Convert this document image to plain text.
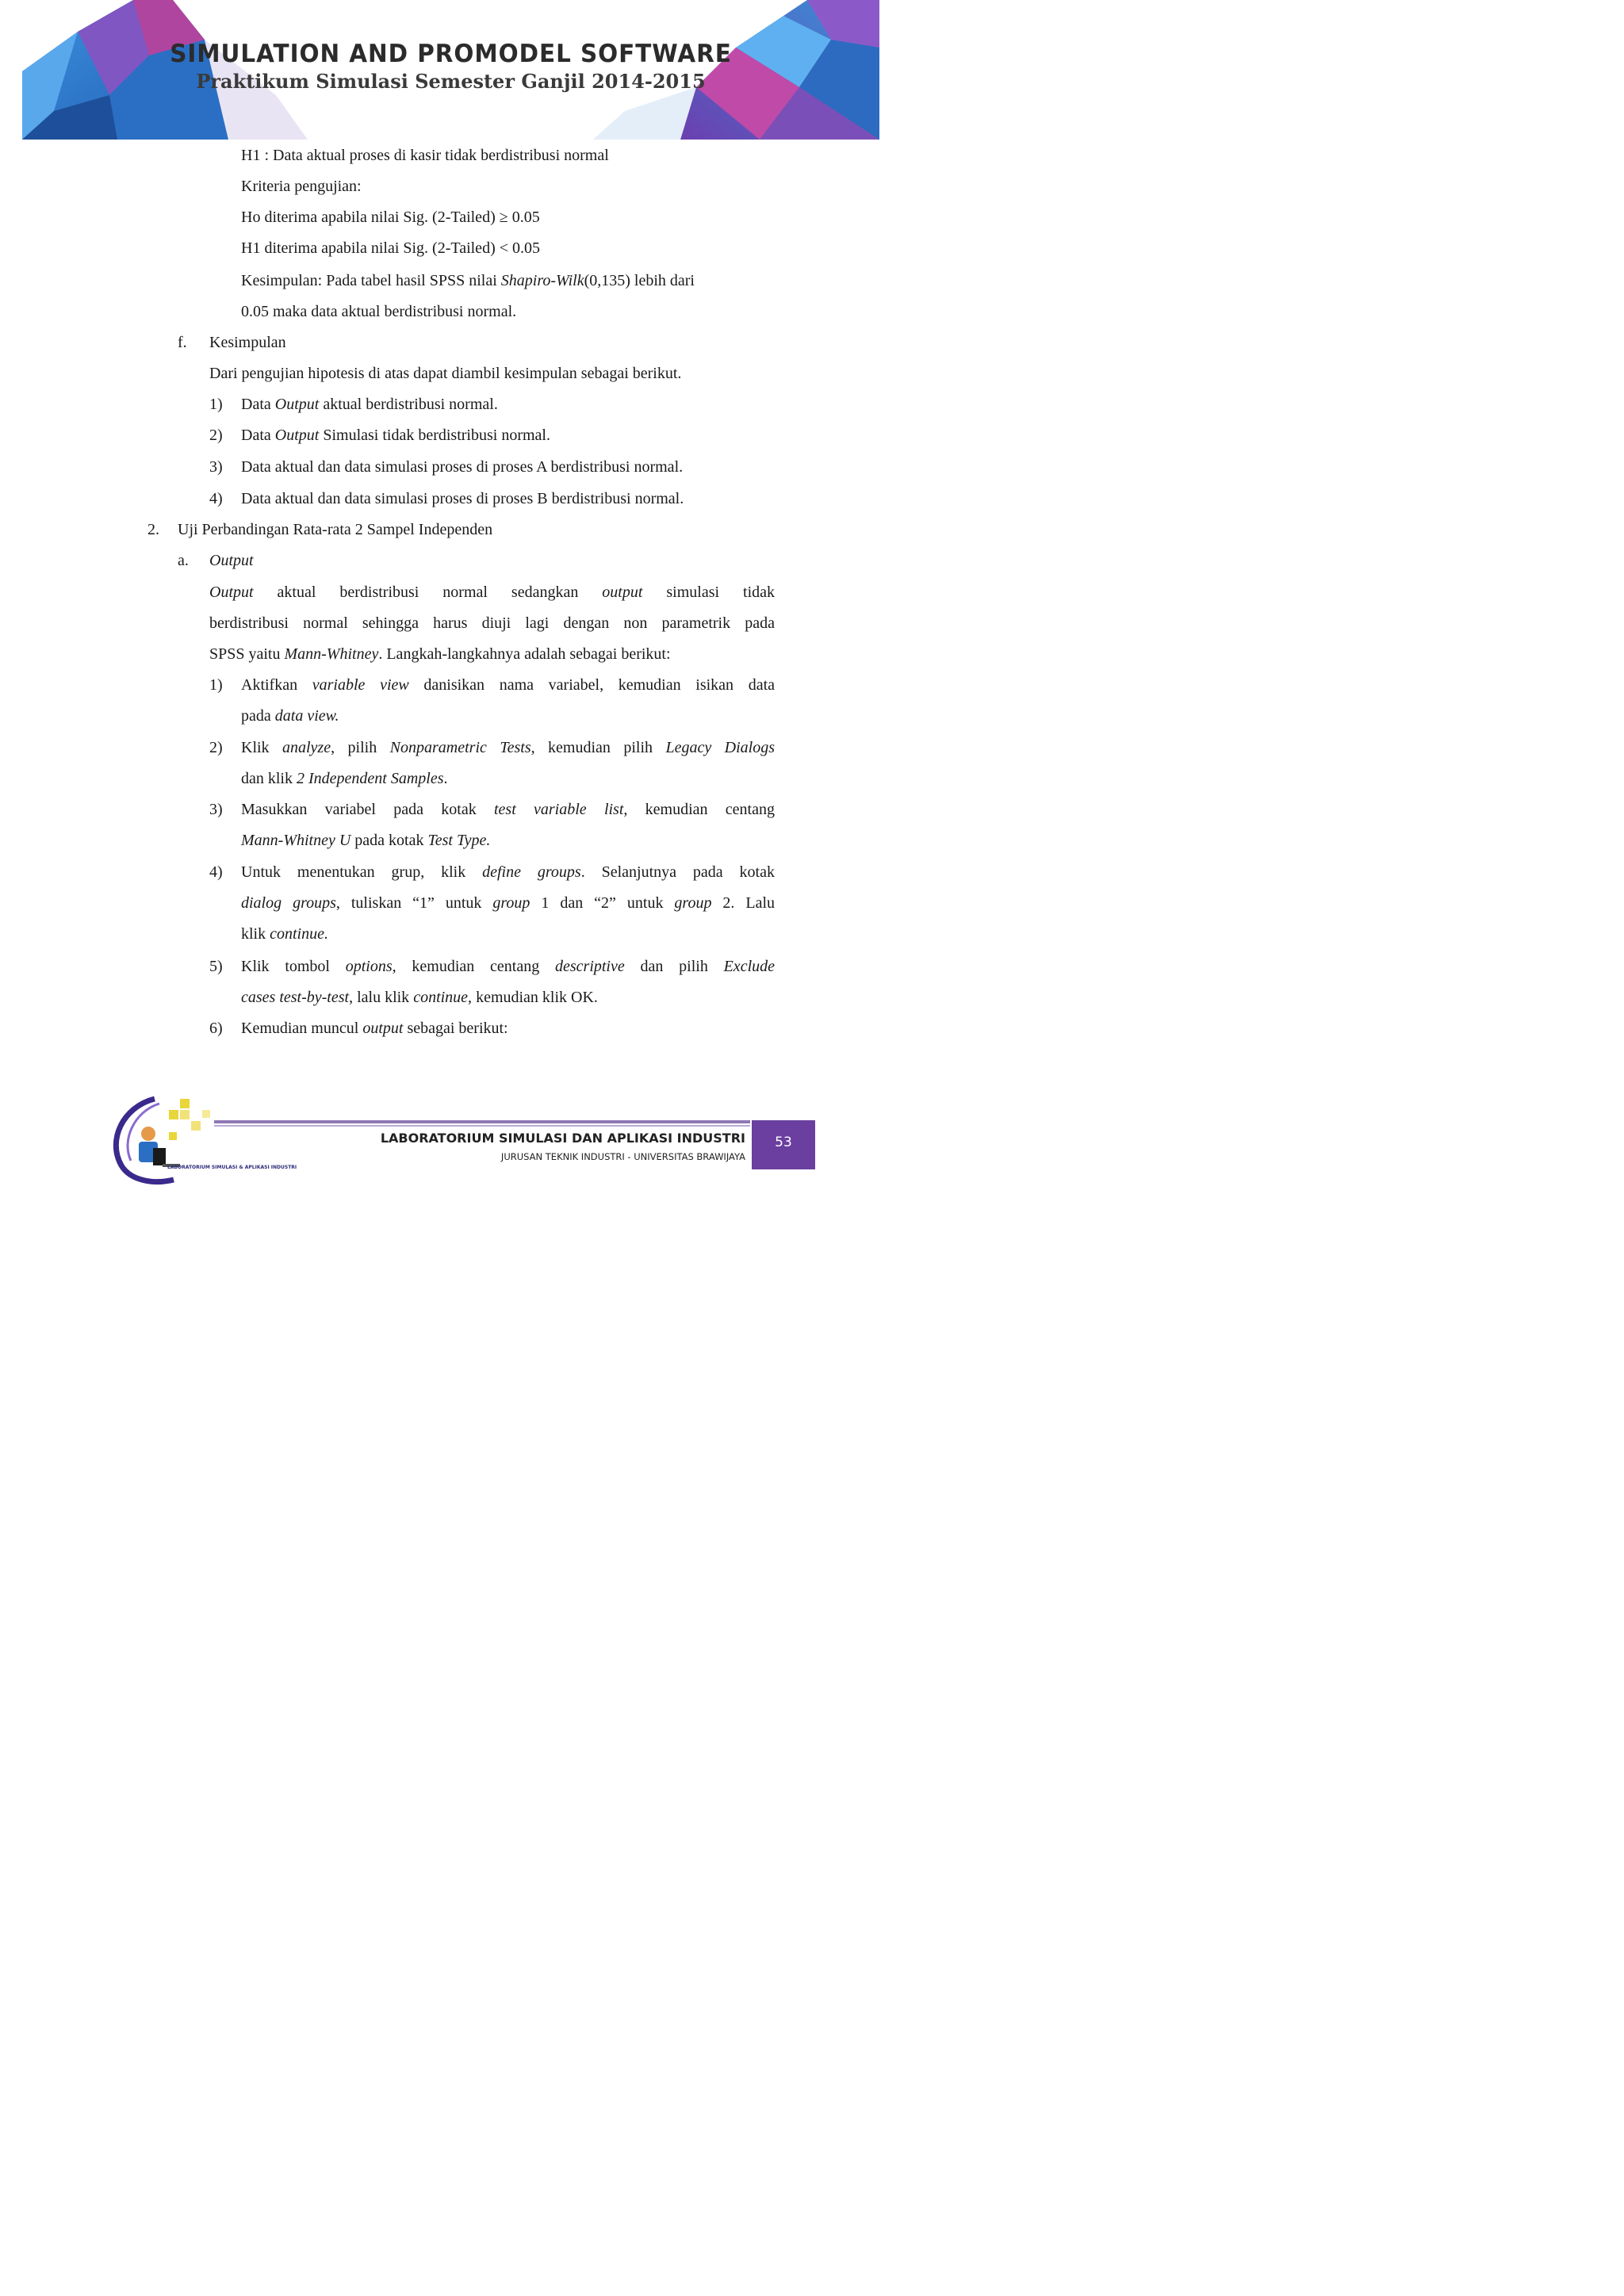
SIMULATION AND PROMODEL SOFTWARE
Praktikum Simulasi Semester Ganjil 2014-2015
H1 : Data aktual proses di kasir tidak berdistribusi normal
Kriteria pengujian:
Ho diterima apabila nilai Sig. (2-Tailed) ≥ 0.05
H1 diterima apabila nilai Sig. (2-Tailed) < 0.05
Kesimpulan: Pada tabel hasil SPSS nilai Shapiro-Wilk(0,135) lebih dari
0.05 maka data aktual berdistribusi normal.
f. Kesimpulan
Dari pengujian hipotesis di atas dapat diambil kesimpulan sebagai berikut.
1) Data Output aktual berdistribusi normal.
2) Data Output Simulasi tidak berdistribusi normal.
3) Data aktual dan data simulasi proses di proses A berdistribusi normal.
4) Data aktual dan data simulasi proses di proses B berdistribusi normal.
2. Uji Perbandingan Rata-rata 2 Sampel Independen
a. Output
Output aktual berdistribusi normal sedangkan output simulasi tidak
berdistribusi normal sehingga harus diuji lagi dengan non parametrik pada
SPSS yaitu Mann-Whitney. Langkah-langkahnya adalah sebagai berikut:
1) Aktifkan variable view danisikan nama variabel, kemudian isikan data
pada data view.
2) Klik analyze, pilih Nonparametric Tests, kemudian pilih Legacy Dialogs
dan klik 2 Independent Samples.
3) Masukkan variabel pada kotak test variable list, kemudian centang
Mann-Whitney U pada kotak Test Type.
4) Untuk menentukan grup, klik define groups. Selanjutnya pada kotak
dialog groups, tuliskan “1” untuk group 1 dan “2” untuk group 2. Lalu
klik continue.
5) Klik tombol options, kemudian centang descriptive dan pilih Exclude
cases test-by-test, lalu klik continue, kemudian klik OK.
6) Kemudian muncul output sebagai berikut:
LABORATORIUM SIMULASI & APLIKASI INDUSTRI
LABORATORIUM SIMULASI DAN APLIKASI INDUSTRI
JURUSAN TEKNIK INDUSTRI - UNIVERSITAS BRAWIJAYA
53
